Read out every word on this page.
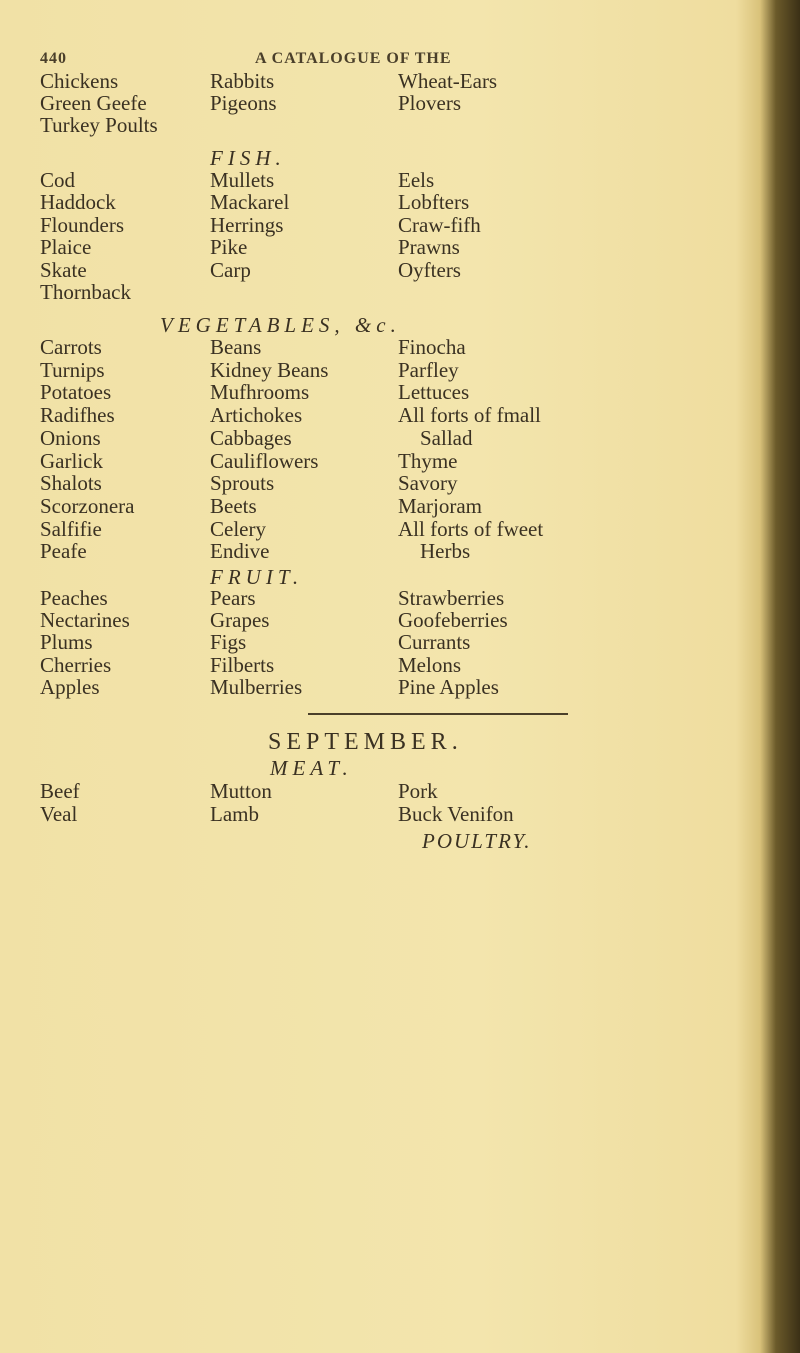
440	A CATALOGUE OF THE
Chickens	Rabbits	Wheat-Ears
Green Geefe	Pigeons	Plovers
Turkey Poults
Cod	Mullets	Eels
Haddock	Mackarel	Lobfters
Flounders	Herrings	Craw-fifh
Plaice	Pike	Prawns
Skate	Carp	Oyfters
Thornback
Carrots	Beans	Finocha
Turnips	Kidney Beans	Parfley
Potatoes	Mufhrooms	Lettuces
Radifhes	Artichokes	All forts of fmall
Onions	Cabbages	Sallad
Garlick	Cauliflowers	Thyme
Shalots	Sprouts	Savory
Scorzonera	Beets	Marjoram
Salfifie	Celery	All forts of fweet
Peafe	Endive	Herbs
Peaches	Pears	Strawberries
Nectarines	Grapes	Goofeberries
Plums	Figs	Currants
Cherries	Filberts	Melons
Apples	Mulberries	Pine Apples
Beef	Mutton	Pork
Veal	Lamb	Buck Venifon
FISH.
VEGETABLES, &c.
FRUIT.
SEPTEMBER.
MEAT.
POULTRY.
